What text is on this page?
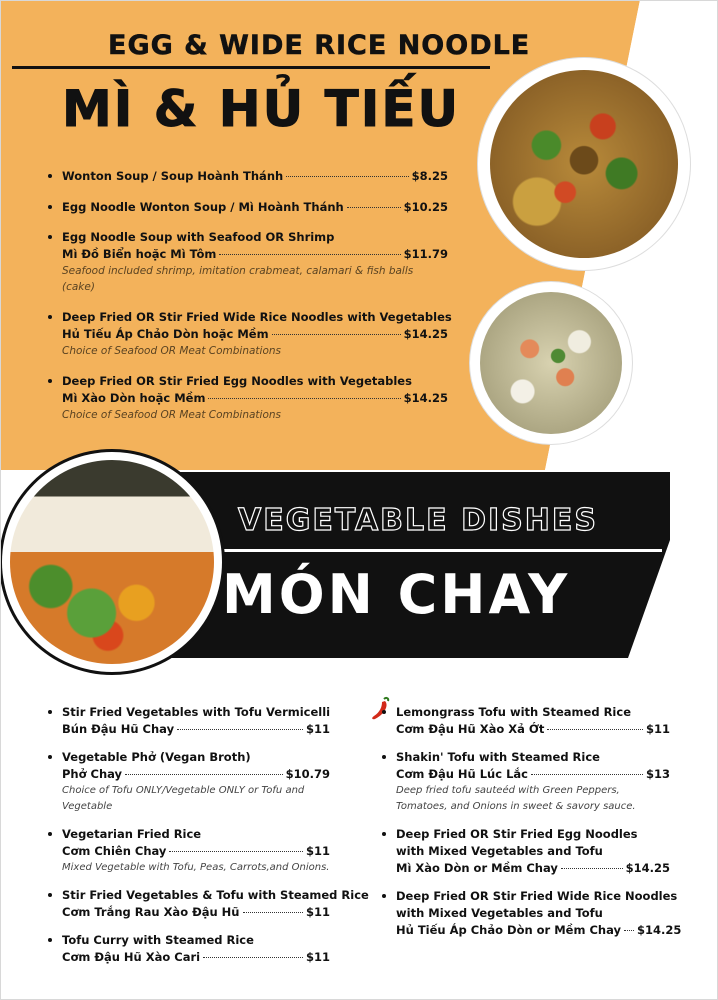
EGG & WIDE RICE NOODLE
MÌ & HỦ TIẾU
Wonton Soup / Soup Hoành Thánh	$8.25
Egg Noodle Wonton Soup / Mì Hoành Thánh	$10.25
Egg Noodle Soup with Seafood OR Shrimp
Mì Đồ Biển hoặc Mì Tôm	$11.79
Seafood included shrimp, imitation crabmeat, calamari & fish balls (cake)
Deep Fried OR Stir Fried Wide Rice Noodles with Vegetables
Hủ Tiếu Áp Chảo Dòn hoặc Mềm	$14.25
Choice of Seafood OR Meat Combinations
Deep Fried OR Stir Fried Egg Noodles with Vegetables
Mì Xào Dòn hoặc Mềm	$14.25
Choice of Seafood OR Meat Combinations
VEGETABLE DISHES
MÓN CHAY
Stir Fried Vegetables with Tofu Vermicelli
Bún Đậu Hũ Chay	$11
Vegetable Phở (Vegan Broth)
Phở Chay	$10.79
Choice of Tofu ONLY/Vegetable ONLY or Tofu and Vegetable
Vegetarian Fried Rice
Cơm Chiên Chay	$11
Mixed Vegetable with Tofu, Peas, Carrots,and Onions.
Stir Fried Vegetables & Tofu with Steamed Rice
Cơm Trắng Rau Xào Đậu Hũ	$11
Tofu Curry with Steamed Rice
Cơm Đậu Hũ Xào Cari	$11
Lemongrass Tofu with Steamed Rice
Cơm Đậu Hũ Xào Xả Ớt	$11
Shakin' Tofu with Steamed Rice
Cơm Đậu Hũ Lúc Lắc	$13
Deep fried tofu sauteéd with Green Peppers, Tomatoes, and Onions in sweet & savory sauce.
Deep Fried OR Stir Fried Egg Noodles
with Mixed Vegetables and Tofu
Mì Xào Dòn or Mềm Chay	$14.25
Deep Fried OR Stir Fried Wide Rice Noodles
with Mixed Vegetables and Tofu
Hủ Tiếu Áp Chảo Dòn or Mềm Chay $14.25
